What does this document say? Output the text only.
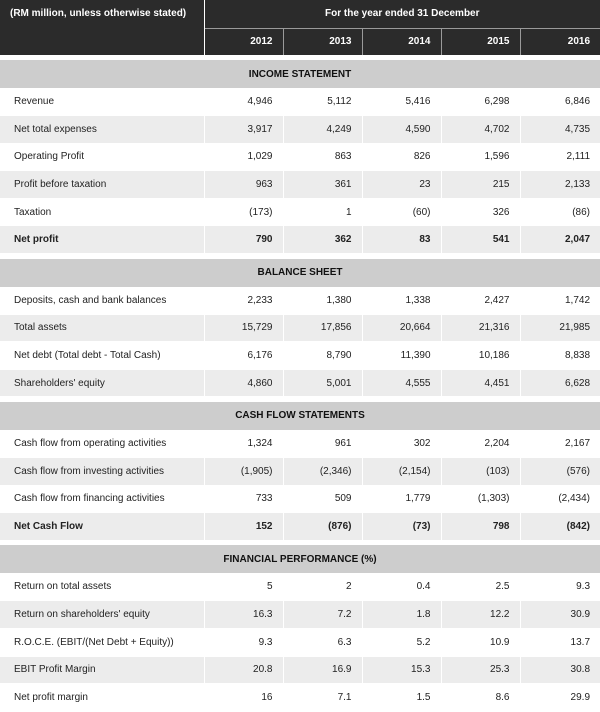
(RM million, unless otherwise stated)	For the year ended 31 December				
	2012	2013	2014	2015	2016

INCOME STATEMENT					
Revenue	4,946	5,112	5,416	6,298	6,846
Net total expenses	3,917	4,249	4,590	4,702	4,735
Operating Profit	1,029	863	826	1,596	2,111
Profit before taxation	963	361	23	215	2,133
Taxation	(173)	1	(60)	326	(86)
Net profit	790	362	83	541	2,047

BALANCE SHEET					
Deposits, cash and bank balances	2,233	1,380	1,338	2,427	1,742
Total assets	15,729	17,856	20,664	21,316	21,985
Net debt (Total debt - Total Cash)	6,176	8,790	11,390	10,186	8,838
Shareholders' equity	4,860	5,001	4,555	4,451	6,628

CASH FLOW STATEMENTS					
Cash flow from operating activities	1,324	961	302	2,204	2,167
Cash flow from investing activities	(1,905)	(2,346)	(2,154)	(103)	(576)
Cash flow from financing activities	733	509	1,779	(1,303)	(2,434)
Net Cash Flow	152	(876)	(73)	798	(842)

FINANCIAL PERFORMANCE (%)					
Return on total assets	5	2	0.4	2.5	9.3
Return on shareholders' equity	16.3	7.2	1.8	12.2	30.9
R.O.C.E. (EBIT/(Net Debt + Equity))	9.3	6.3	5.2	10.9	13.7
EBIT Profit Margin	20.8	16.9	15.3	25.3	30.8
Net profit margin	16	7.1	1.5	8.6	29.9
